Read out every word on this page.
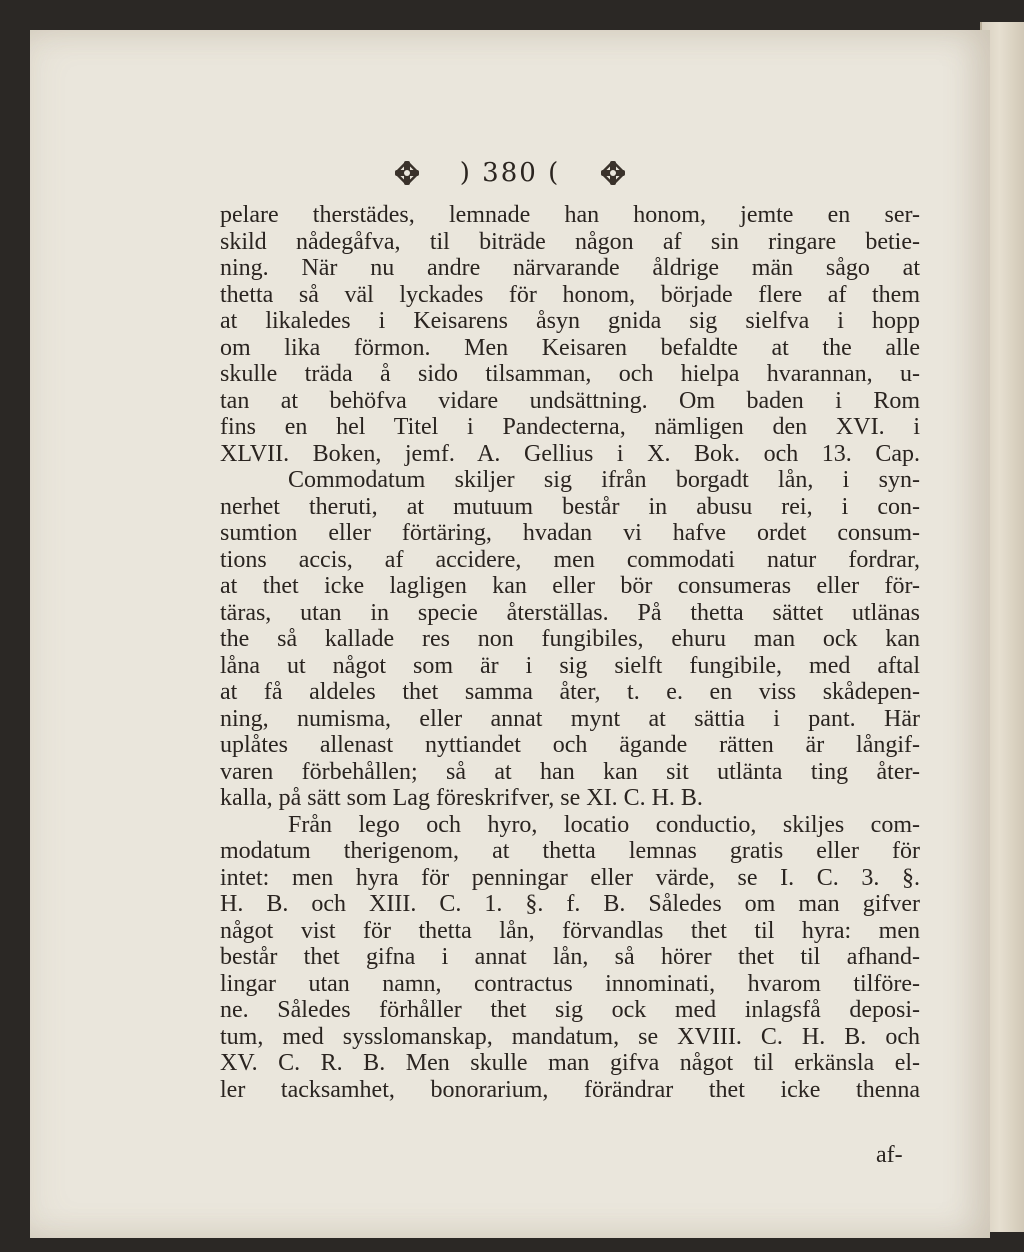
) 380 (
pelare therstädes, lemnade han honom, jemte en ser-
skild nådegåfva, til biträde någon af sin ringare betie-
ning. När nu andre närvarande åldrige män sågo at
thetta så väl lyckades för honom, började flere af them
at likaledes i Keisarens åsyn gnida sig sielfva i hopp
om lika förmon. Men Keisaren befaldte at the alle
skulle träda å sido tilsamman, och hielpa hvarannan, u-
tan at behöfva vidare undsättning. Om baden i Rom
fins en hel Titel i Pandecterna, nämligen den XVI. i
XLVII. Boken, jemf. A. Gellius i X. Bok. och 13. Cap.
Commodatum skiljer sig ifrån borgadt lån, i syn-
nerhet theruti, at mutuum består in abusu rei, i con-
sumtion eller förtäring, hvadan vi hafve ordet consum-
tions accis, af accidere, men commodati natur fordrar,
at thet icke lagligen kan eller bör consumeras eller för-
täras, utan in specie återställas. På thetta sättet utlänas
the så kallade res non fungibiles, ehuru man ock kan
låna ut något som är i sig sielft fungibile, med aftal
at få aldeles thet samma åter, t. e. en viss skådepen-
ning, numisma, eller annat mynt at sättia i pant. Här
uplåtes allenast nyttiandet och ägande rätten är långif-
varen förbehållen; så at han kan sit utlänta ting åter-
kalla, på sätt som Lag föreskrifver, se XI. C. H. B.
Från lego och hyro, locatio conductio, skiljes com-
modatum therigenom, at thetta lemnas gratis eller för
intet: men hyra för penningar eller värde, se I. C. 3. §.
H. B. och XIII. C. 1. §. f. B. Således om man gifver
något vist för thetta lån, förvandlas thet til hyra: men
består thet gifna i annat lån, så hörer thet til afhand-
lingar utan namn, contractus innominati, hvarom tilföre-
ne. Således förhåller thet sig ock med inlagsfå deposi-
tum, med sysslomanskap, mandatum, se XVIII. C. H. B. och
XV. C. R. B. Men skulle man gifva något til erkänsla el-
ler tacksamhet, bonorarium, förändrar thet icke thenna
af-
